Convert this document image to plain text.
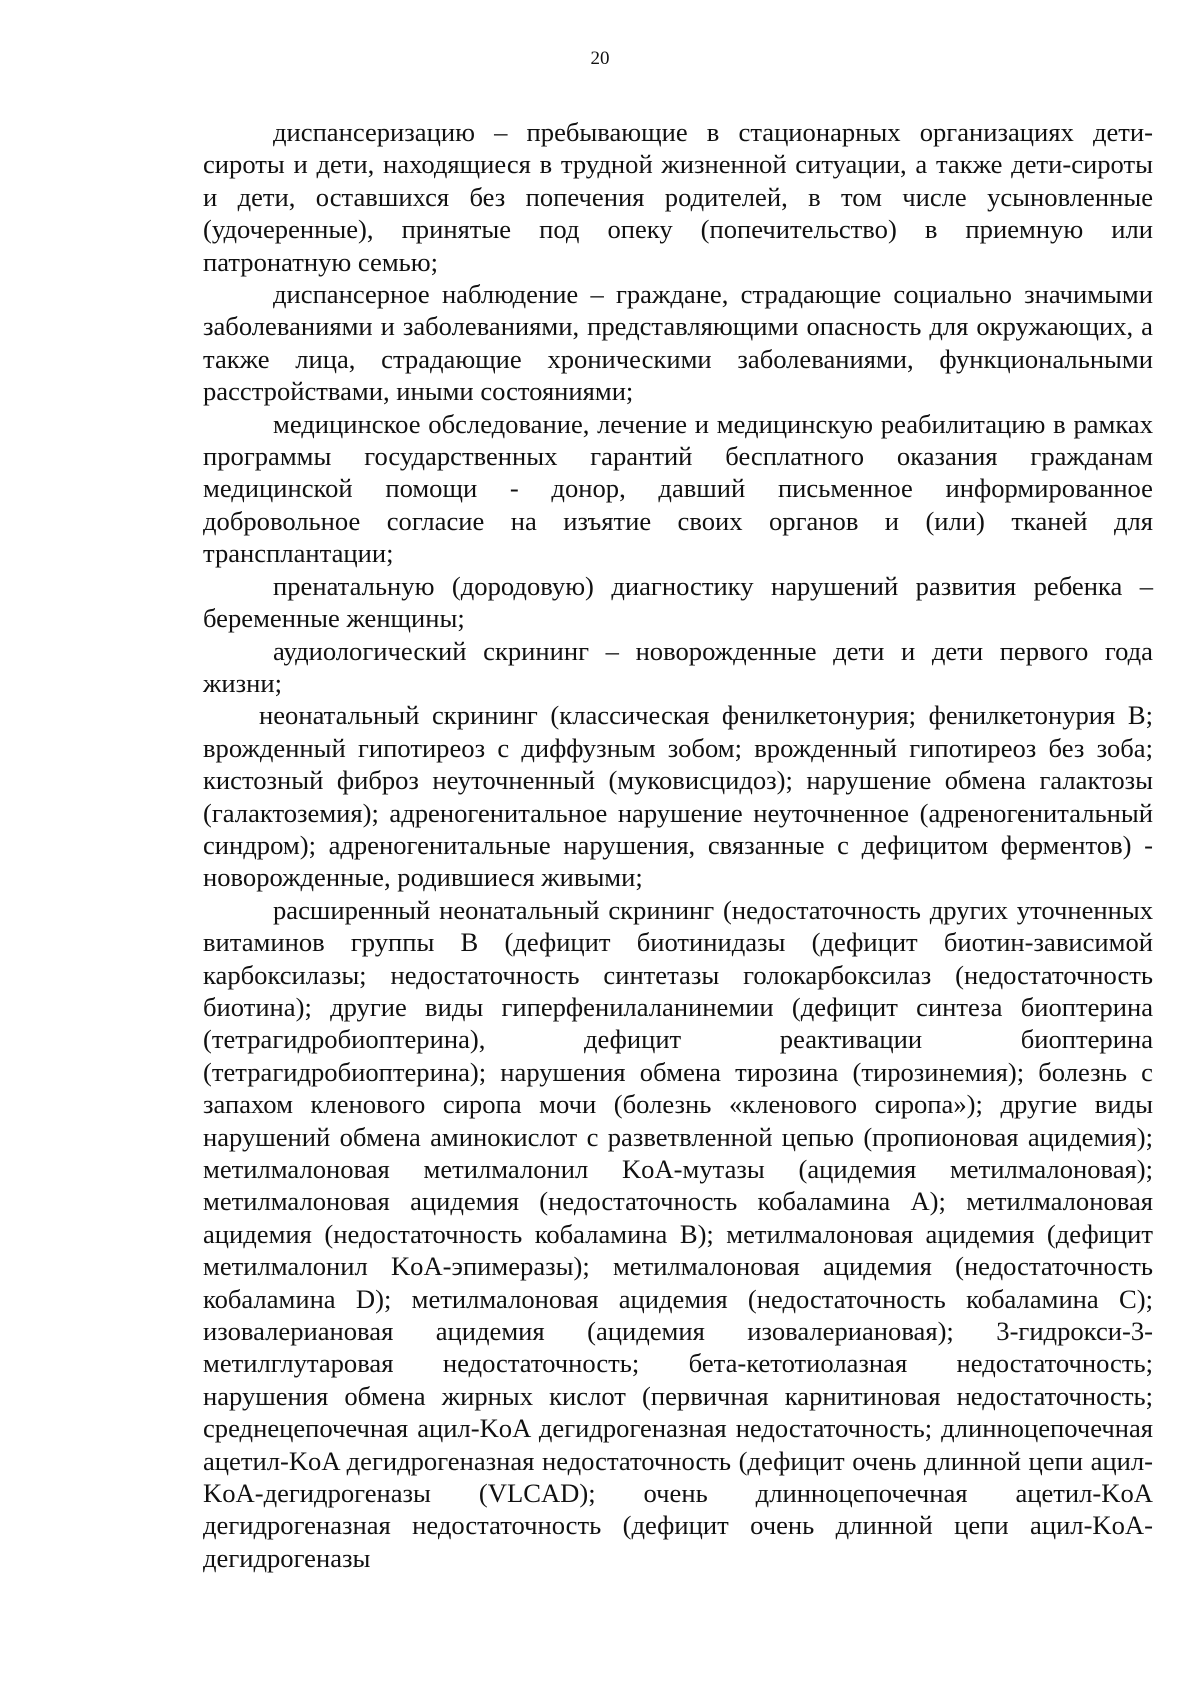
20

диспансеризацию – пребывающие в стационарных организациях дети-сироты и дети, находящиеся в трудной жизненной ситуации, а также дети-сироты и дети, оставшихся без попечения родителей, в том числе усыновленные (удочеренные), принятые под опеку (попечительство) в приемную или патронатную семью;

диспансерное наблюдение – граждане, страдающие социально значимыми заболеваниями и заболеваниями, представляющими опасность для окружающих, а также лица, страдающие хроническими заболеваниями, функциональными расстройствами, иными состояниями;

медицинское обследование, лечение и медицинскую реабилитацию в рамках программы государственных гарантий бесплатного оказания гражданам медицинской помощи - донор, давший письменное информированное добровольное согласие на изъятие своих органов и (или) тканей для трансплантации;

пренатальную (дородовую) диагностику нарушений развития ребенка – беременные женщины;

аудиологический скрининг – новорожденные дети и дети первого года жизни;

неонатальный скрининг (классическая фенилкетонурия; фенилкетонурия B; врожденный гипотиреоз с диффузным зобом; врожденный гипотиреоз без зоба; кистозный фиброз неуточненный (муковисцидоз); нарушение обмена галактозы (галактоземия); адреногенитальное нарушение неуточненное (адреногенитальный синдром); адреногенитальные нарушения, связанные с дефицитом ферментов) - новорожденные, родившиеся живыми;

расширенный неонатальный скрининг (недостаточность других уточненных витаминов группы B (дефицит биотинидазы (дефицит биотин-зависимой карбоксилазы; недостаточность синтетазы голокарбоксилаз (недостаточность биотина); другие виды гиперфенилаланинемии (дефицит синтеза биоптерина (тетрагидробиоптерина), дефицит реактивации биоптерина (тетрагидробиоптерина); нарушения обмена тирозина (тирозинемия); болезнь с запахом кленового сиропа мочи (болезнь «кленового сиропа»); другие виды нарушений обмена аминокислот с разветвленной цепью (пропионовая ацидемия); метилмалоновая метилмалонил KoA-мутазы (ацидемия метилмалоновая); метилмалоновая ацидемия (недостаточность кобаламина A); метилмалоновая ацидемия (недостаточность кобаламина B); метилмалоновая ацидемия (дефицит метилмалонил KoA-эпимеразы); метилмалоновая ацидемия (недостаточность кобаламина D); метилмалоновая ацидемия (недостаточность кобаламина C); изовалериановая ацидемия (ацидемия изовалериановая); 3-гидрокси-3-метилглутаровая недостаточность; бета-кетотиолазная недостаточность; нарушения обмена жирных кислот (первичная карнитиновая недостаточность; среднецепочечная ацил-KoA дегидрогеназная недостаточность; длинноцепочечная ацетил-KoA дегидрогеназная недостаточность (дефицит очень длинной цепи ацил-KoA-дегидрогеназы (VLCAD); очень длинноцепочечная ацетил-KoA дегидрогеназная недостаточность (дефицит очень длинной цепи ацил-KoA-дегидрогеназы
